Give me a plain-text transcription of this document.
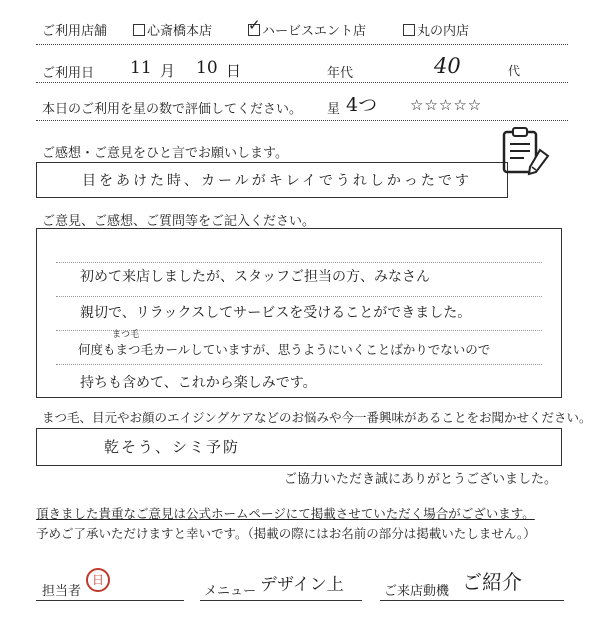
ご利用店舗	心斎橋本店 ✓ ハービスエント店	丸の内店
ご利用日 11 月 10 日	年代	40	代
本日のご利用を星の数で評価してください。 星 4つ ☆☆☆☆☆
ご感想・ご意見をひと言でお願いします。
目をあけた時、カールがキレイでうれしかったです
ご意見、ご感想、ご質問等をご記入ください。
初めて来店しましたが、スタッフご担当の方、みなさん
親切で、リラックスしてサービスを受けることができました。
まつ毛
何度もまつ毛カールしていますが、思うようにいくことばかりでないので
持ちも含めて、これから楽しみです。
まつ毛、目元やお顔のエイジングケアなどのお悩みや今一番興味があることをお聞かせください。
乾そう、シミ予防
ご協力いただき誠にありがとうございました。
頂きました貴重なご意見は公式ホームページにて掲載させていただく場合がございます。
予めご了承いただけますと幸いです。（掲載の際にはお名前の部分は掲載いたしません。）
担当者
日
メニュー デザイン上	ご来店動機 ご紹介
